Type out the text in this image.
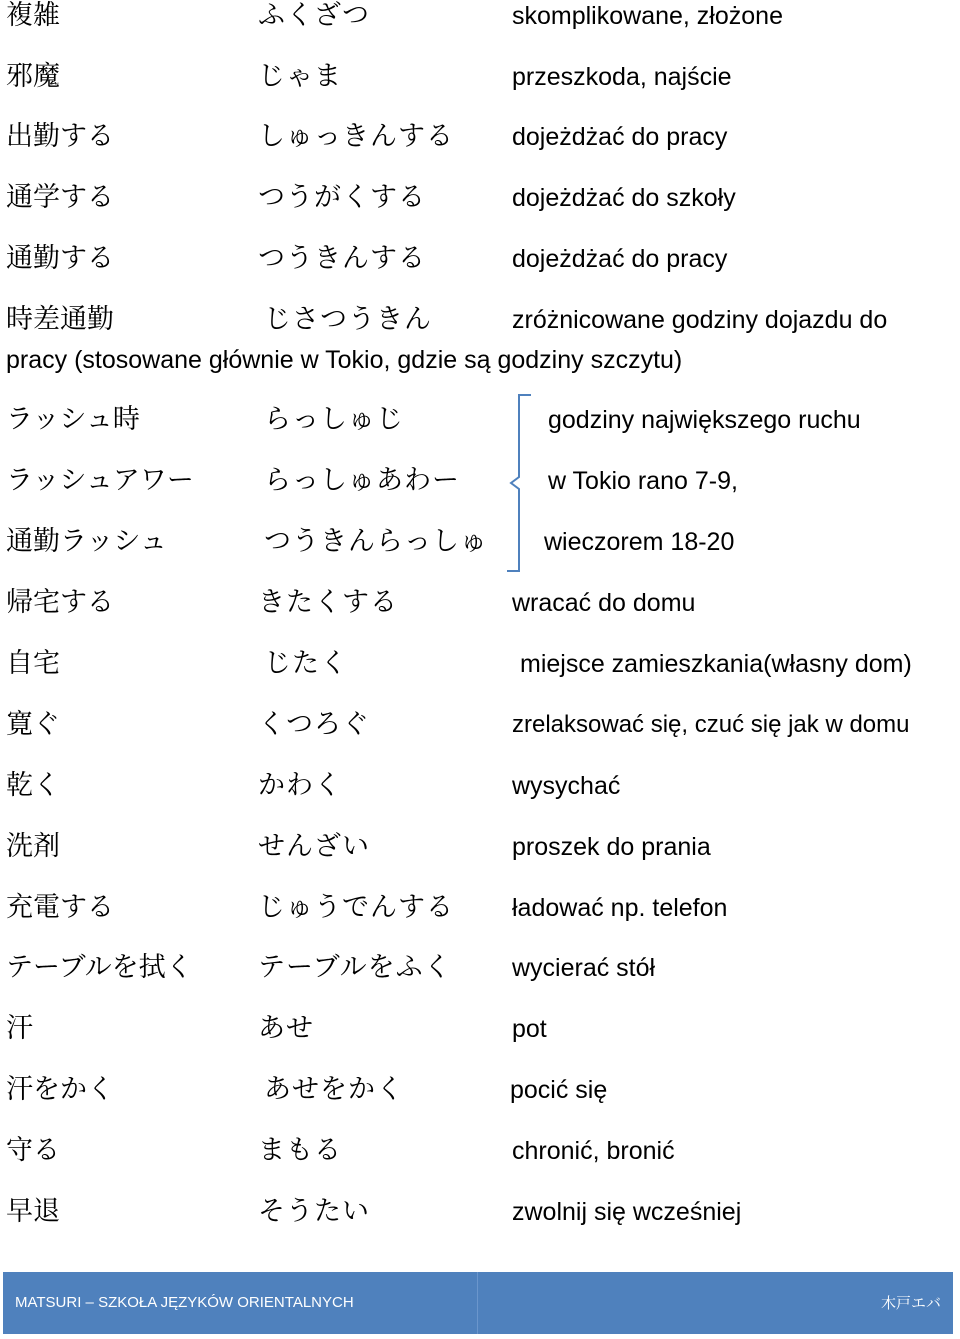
複雑	ふくざつ	skomplikowane, złożone
邪魔	じゃま	przeszkoda, najście
出勤する	しゅっきんする dojeżdżać do pracy
通学する	つうがくする	dojeżdżać do szkoły
通勤する	つうきんする	dojeżdżać do pracy
時差通勤	じさつうきん	zróżnicowane godziny dojazdu do
pracy (stosowane głównie w Tokio, gdzie są godziny szczytu)
ラッシュ時	らっしゅじ	godziny największego ruchu
ラッシュアワー	らっしゅあわー	w Tokio rano 7-9,
通勤ラッシュ	つうきんらっしゅ wieczorem 18-20
帰宅する	きたくする	wracać do domu
自宅	じたく	miejsce zamieszkania(własny dom)
寛ぐ	くつろぐ	zrelaksować się, czuć się jak w domu
乾く	かわく	wysychać
洗剤	せんざい	proszek do prania
充電する	じゅうでんする ładować np. telefon
テーブルを拭く テーブルをふく wycierać stół
汗	あせ	pot
汗をかく	あせをかく	pocić się
守る	まもる	chronić, bronić
早退	そうたい	zwolnij się wcześniej
MATSURI – SZKOŁA JĘZYKÓW ORIENTALNYCH	木戸エバ
